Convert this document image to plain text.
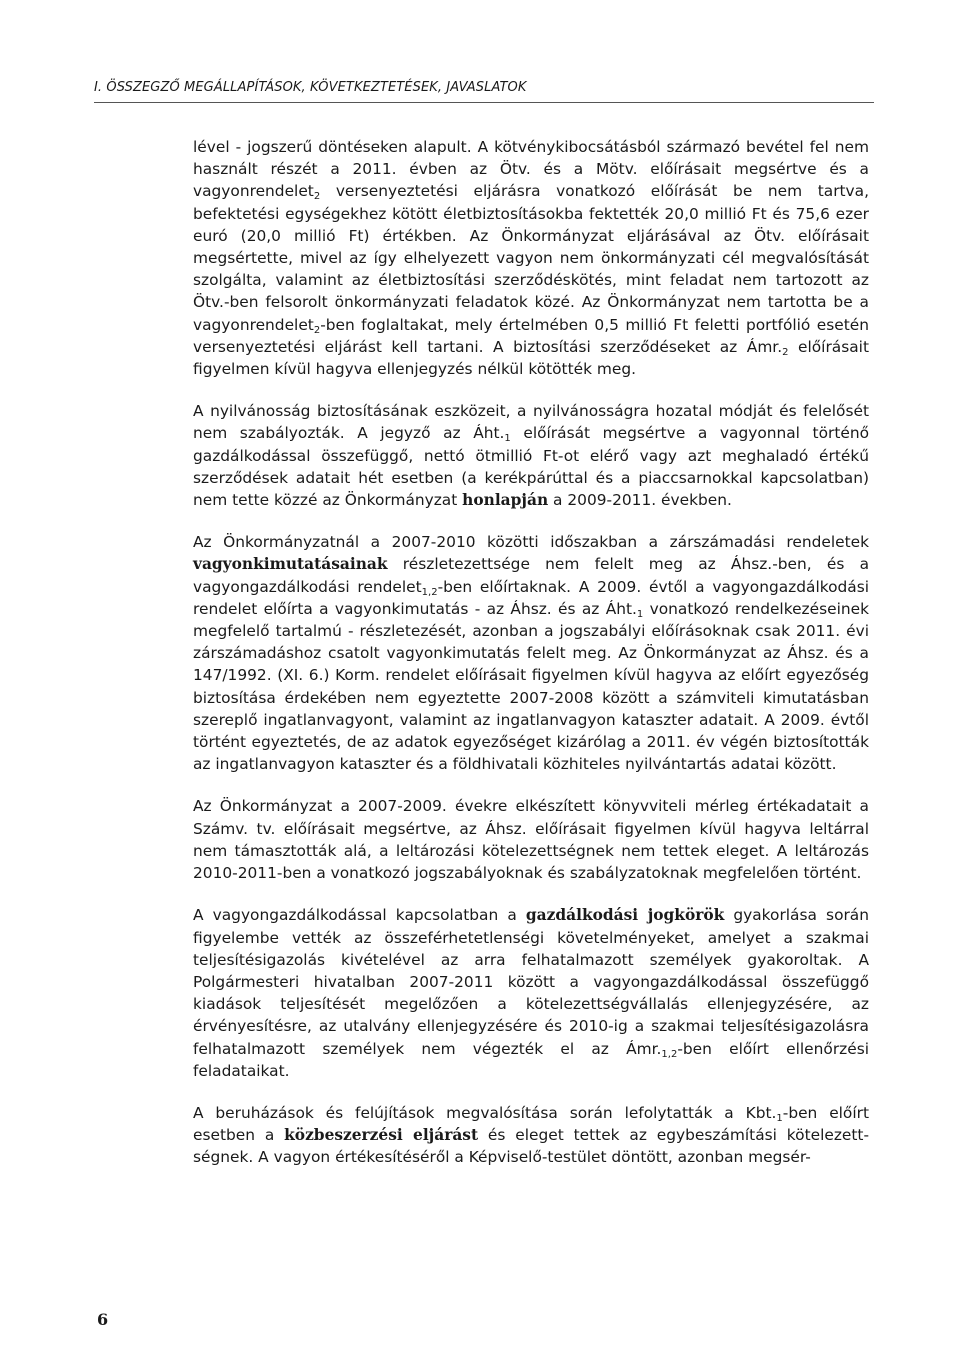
I. ÖSSZEGZŐ MEGÁLLAPÍTÁSOK, KÖVETKEZTETÉSEK, JAVASLATOK

lével - jogszerű döntéseken alapult. A kötvénykibocsátásból származó bevétel fel nem használt részét a 2011. évben az Ötv. és a Mötv. előírásait megsértve és a vagyonrendelet$_2$ versenyeztetési eljárásra vonatkozó előírását be nem tartva, befektetési egységekhez kötött életbiztosításokba fektették 20,0 millió Ft és 75,6 ezer euró (20,0 millió Ft) értékben. Az Önkormányzat eljárásával az Ötv. előírásait megsértette, mivel az így elhelyezett vagyon nem önkormányzati cél megvalósítását szolgálta, valamint az életbiztosítási szerződéskötés, mint feladat nem tartozott az Ötv.-ben felsorolt önkormányzati feladatok közé. Az Önkormányzat nem tartotta be a vagyonrendelet$_2$-ben foglaltakat, mely értelmében 0,5 millió Ft feletti portfólió esetén versenyeztetési eljárást kell tartani. A biztosítási szerződéseket az $Ámr._2$ előírásait figyelmen kívül hagyva ellenjegyzés nélkül kötötték meg.

A nyilvánosság biztosításának eszközeit, a nyilvánosságra hozatal módját és felelősét nem szabályozták. A jegyző az $Áht._1$ előírását megsértve a vagyonnal történő gazdálkodással összefüggő, nettó ötmillió Ft-ot elérő vagy azt meghaladó értékű szerződések adatait hét esetben (a kerékpárúttal és a piaccsarnokkal kapcsolatban) nem tette közzé az Önkormányzat honlapján a 2009-2011. években.

Az Önkormányzatnál a 2007-2010 közötti időszakban a zárszámadási rendeletek vagyonkimutatásainak részletezettsége nem felelt meg az Áhsz.-ben, és a vagyongazdálkodási rendelet$_{1,2}$-ben előírtaknak. A 2009. évtől a vagyongazdálkodási rendelet előírta a vagyonkimutatás - az Áhsz. és az $Áht._1$ vonatkozó rendelkezéseinek megfelelő tartalmú - részletezését, azonban a jogszabályi előírásoknak csak 2011. évi zárszámadáshoz csatolt vagyonkimutatás felelt meg. Az Önkormányzat az Áhsz. és a 147/1992. (XI. 6.) Korm. rendelet előírásait figyelmen kívül hagyva az előírt egyezőség biztosítása érdekében nem egyeztette 2007-2008 között a számviteli kimutatásban szereplő ingatlanvagyont, valamint az ingatlanvagyon kataszter adatait. A 2009. évtől történt egyeztetés, de az adatok egyezőséget kizárólag a 2011. év végén biztosították az ingatlanvagyon kataszter és a földhivatali közhiteles nyilvántartás adatai között.

Az Önkormányzat a 2007-2009. évekre elkészített könyvviteli mérleg értékadatait a Számv. tv. előírásait megsértve, az Áhsz. előírásait figyelmen kívül hagyva leltárral nem támasztották alá, a leltározási kötelezettségnek nem tettek eleget. A leltározás 2010-2011-ben a vonatkozó jogszabályoknak és szabályzatoknak megfelelően történt.

A vagyongazdálkodással kapcsolatban a gazdálkodási jogkörök gyakorlása során figyelembe vették az összeférhetetlenségi követelményeket, amelyet a szakmai teljesítésigazolás kivételével az arra felhatalmazott személyek gyakoroltak. A Polgármesteri hivatalban 2007-2011 között a vagyongazdálkodással összefüggő kiadások teljesítését megelőzően a kötelezettségvállalás ellenjegyzésére, az érvényesítésre, az utalvány ellenjegyzésére és 2010-ig a szakmai teljesítésigazolásra felhatalmazott személyek nem végezték el az $Ámr._{1,2}$-ben előírt ellenőrzési feladataikat.

A beruházások és felújítások megvalósítása során lefolytatták a $Kbt._1$-ben előírt esetben a közbeszerzési eljárást és eleget tettek az egybeszámítási kötelezettségnek. A vagyon értékesítéséről a Képviselő-testület döntött, azonban megsér-

6
